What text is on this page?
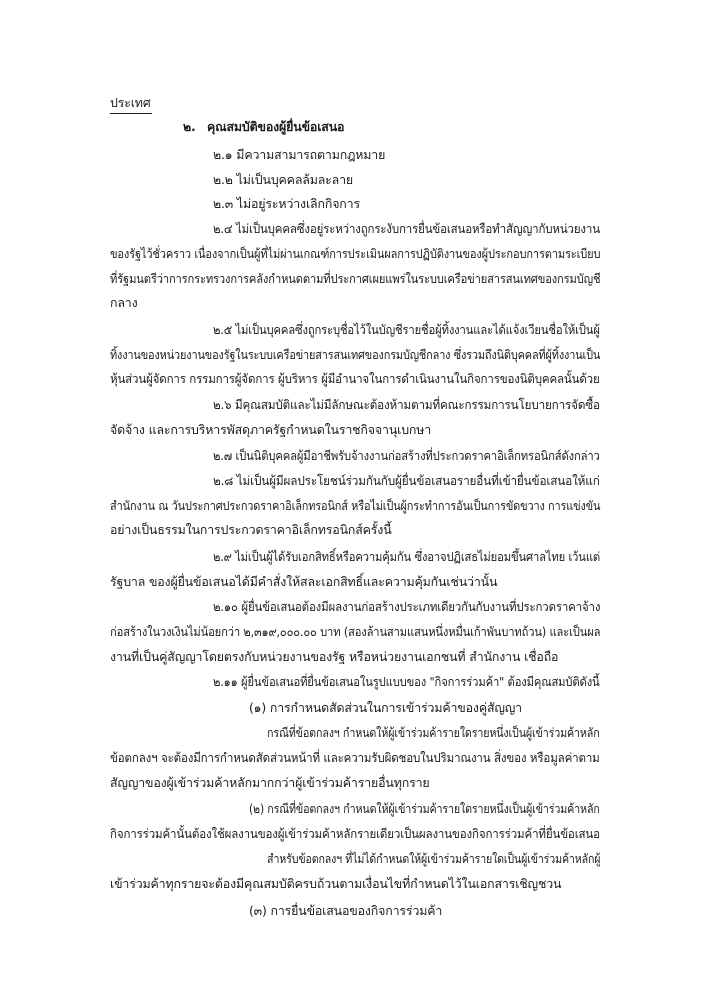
ประเทศ
๒. คุณสมบัติของผู้ยื่นข้อเสนอ
๒.๑ มีความสามารถตามกฎหมาย
๒.๒ ไม่เป็นบุคคลล้มละลาย
๒.๓ ไม่อยู่ระหว่างเลิกกิจการ
๒.๔ ไม่เป็นบุคคลซึ่งอยู่ระหว่างถูกระงับการยื่นข้อเสนอหรือทำสัญญากับหน่วยงาน
ของรัฐไว้ชั่วคราว เนื่องจากเป็นผู้ที่ไม่ผ่านเกณฑ์การประเมินผลการปฏิบัติงานของผู้ประกอบการตามระเบียบ
ที่รัฐมนตรีว่าการกระทรวงการคลังกำหนดตามที่ประกาศเผยแพร่ในระบบเครือข่ายสารสนเทศของกรมบัญชี
กลาง
๒.๕ ไม่เป็นบุคคลซึ่งถูกระบุชื่อไว้ในบัญชีรายชื่อผู้ทิ้งงานและได้แจ้งเวียนชื่อให้เป็นผู้
ทิ้งงานของหน่วยงานของรัฐในระบบเครือข่ายสารสนเทศของกรมบัญชีกลาง ซึ่งรวมถึงนิติบุคคลที่ผู้ทิ้งงานเป็น
หุ้นส่วนผู้จัดการ กรรมการผู้จัดการ ผู้บริหาร ผู้มีอำนาจในการดำเนินงานในกิจการของนิติบุคคลนั้นด้วย
๒.๖ มีคุณสมบัติและไม่มีลักษณะต้องห้ามตามที่คณะกรรมการนโยบายการจัดซื้อ
จัดจ้าง และการบริหารพัสดุภาครัฐกำหนดในราชกิจจานุเบกษา
๒.๗ เป็นนิติบุคคลผู้มีอาชีพรับจ้างงานก่อสร้างที่ประกวดราคาอิเล็กทรอนิกส์ดังกล่าว
๒.๘ ไม่เป็นผู้มีผลประโยชน์ร่วมกันกับผู้ยื่นข้อเสนอรายอื่นที่เข้ายื่นข้อเสนอให้แก่
สำนักงาน ณ วันประกาศประกวดราคาอิเล็กทรอนิกส์ หรือไม่เป็นผู้กระทำการอันเป็นการขัดขวาง การแข่งขัน
อย่างเป็นธรรมในการประกวดราคาอิเล็กทรอนิกส์ครั้งนี้
๒.๙ ไม่เป็นผู้ได้รับเอกสิทธิ์หรือความคุ้มกัน ซึ่งอาจปฏิเสธไม่ยอมขึ้นศาลไทย เว้นแต่
รัฐบาล ของผู้ยื่นข้อเสนอได้มีคำสั่งให้สละเอกสิทธิ์และความคุ้มกันเช่นว่านั้น
๒.๑๐ ผู้ยื่นข้อเสนอต้องมีผลงานก่อสร้างประเภทเดียวกันกับงานที่ประกวดราคาจ้าง
ก่อสร้างในวงเงินไม่น้อยกว่า ๒,๓๑๙,๐๐๐.๐๐ บาท (สองล้านสามแสนหนึ่งหมื่นเก้าพันบาทถ้วน) และเป็นผล
งานที่เป็นคู่สัญญาโดยตรงกับหน่วยงานของรัฐ หรือหน่วยงานเอกชนที่ สำนักงาน เชื่อถือ
๒.๑๑ ผู้ยื่นข้อเสนอที่ยื่นข้อเสนอในรูปแบบของ "กิจการร่วมค้า" ต้องมีคุณสมบัติดังนี้
(๑) การกำหนดสัดส่วนในการเข้าร่วมค้าของคู่สัญญา
กรณีที่ข้อตกลงฯ กำหนดให้ผู้เข้าร่วมค้ารายใดรายหนึ่งเป็นผู้เข้าร่วมค้าหลัก
ข้อตกลงฯ จะต้องมีการกำหนดสัดส่วนหน้าที่ และความรับผิดชอบในปริมาณงาน สิ่งของ หรือมูลค่าตาม
สัญญาของผู้เข้าร่วมค้าหลักมากกว่าผู้เข้าร่วมค้ารายอื่นทุกราย
(๒) กรณีที่ข้อตกลงฯ กำหนดให้ผู้เข้าร่วมค้ารายใดรายหนึ่งเป็นผู้เข้าร่วมค้าหลัก
กิจการร่วมค้านั้นต้องใช้ผลงานของผู้เข้าร่วมค้าหลักรายเดียวเป็นผลงานของกิจการร่วมค้าที่ยื่นข้อเสนอ
สำหรับข้อตกลงฯ ที่ไม่ได้กำหนดให้ผู้เข้าร่วมค้ารายใดเป็นผู้เข้าร่วมค้าหลักผู้
เข้าร่วมค้าทุกรายจะต้องมีคุณสมบัติครบถ้วนตามเงื่อนไขที่กำหนดไว้ในเอกสารเชิญชวน
(๓) การยื่นข้อเสนอของกิจการร่วมค้า
